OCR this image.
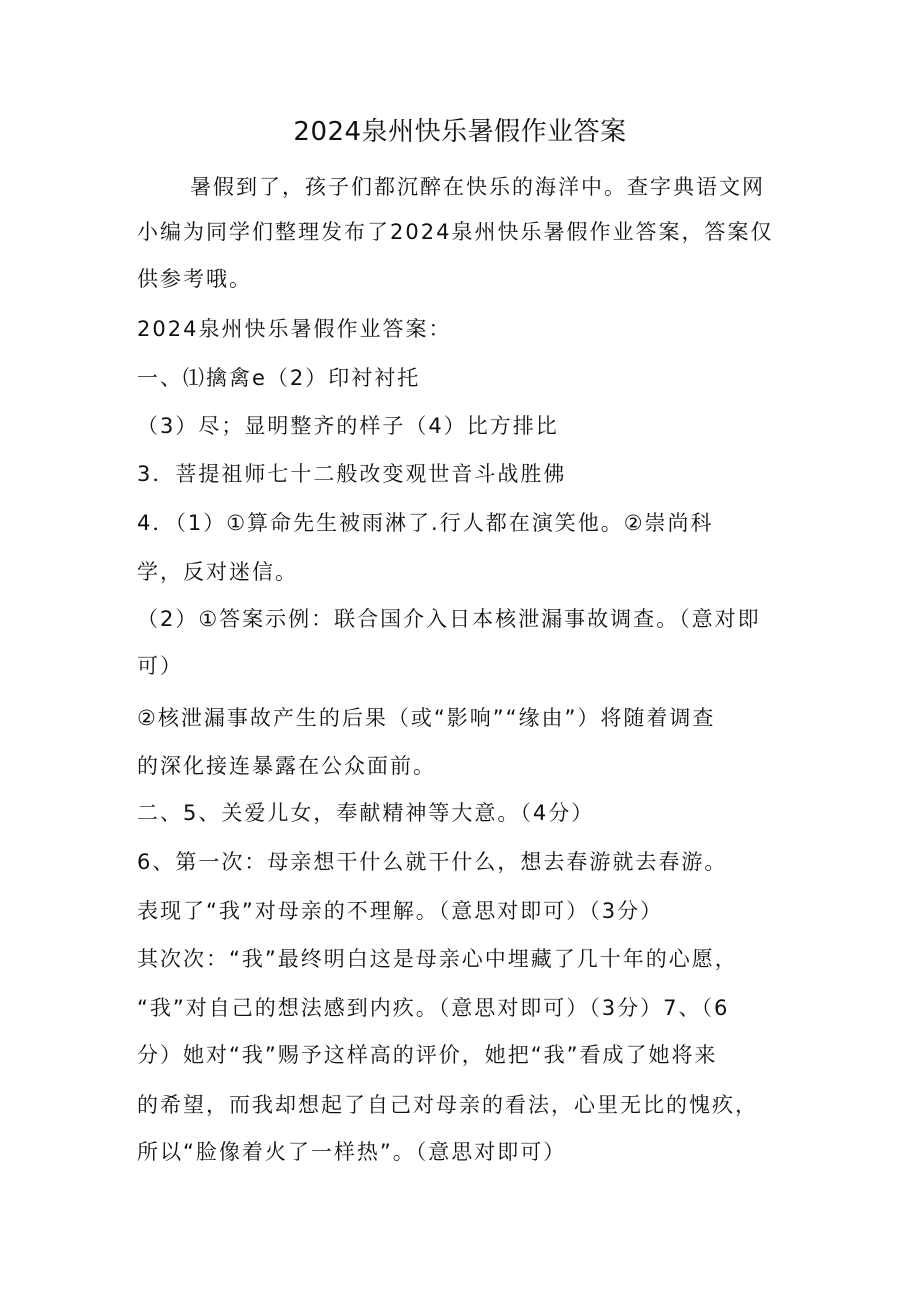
2024泉州快乐暑假作业答案
暑假到了，孩子们都沉醉在快乐的海洋中。查字典语文网
小编为同学们整理发布了2024泉州快乐暑假作业答案，答案仅
供参考哦。
2024泉州快乐暑假作业答案：
一、⑴擒禽e（2）印衬衬托
（3）尽；显明整齐的样子（4）比方排比
3．菩提祖师七十二般改变观世音斗战胜佛
4．（1）①算命先生被雨淋了.行人都在演笑他。②崇尚科
学，反对迷信。
（2）①答案示例：联合国介入日本核泄漏事故调查。（意对即
可）
②核泄漏事故产生的后果（或“影响”“缘由”）将随着调查
的深化接连暴露在公众面前。
二、5、关爱儿女，奉献精神等大意。（4分）
6、第一次：母亲想干什么就干什么，想去春游就去春游。
表现了“我”对母亲的不理解。（意思对即可）（3分）
其次次：“我”最终明白这是母亲心中埋藏了几十年的心愿，
“我”对自己的想法感到内疚。（意思对即可）（3分）7、（6
分）她对“我”赐予这样高的评价，她把“我”看成了她将来
的希望，而我却想起了自己对母亲的看法，心里无比的愧疚，
所以“脸像着火了一样热”。（意思对即可）
